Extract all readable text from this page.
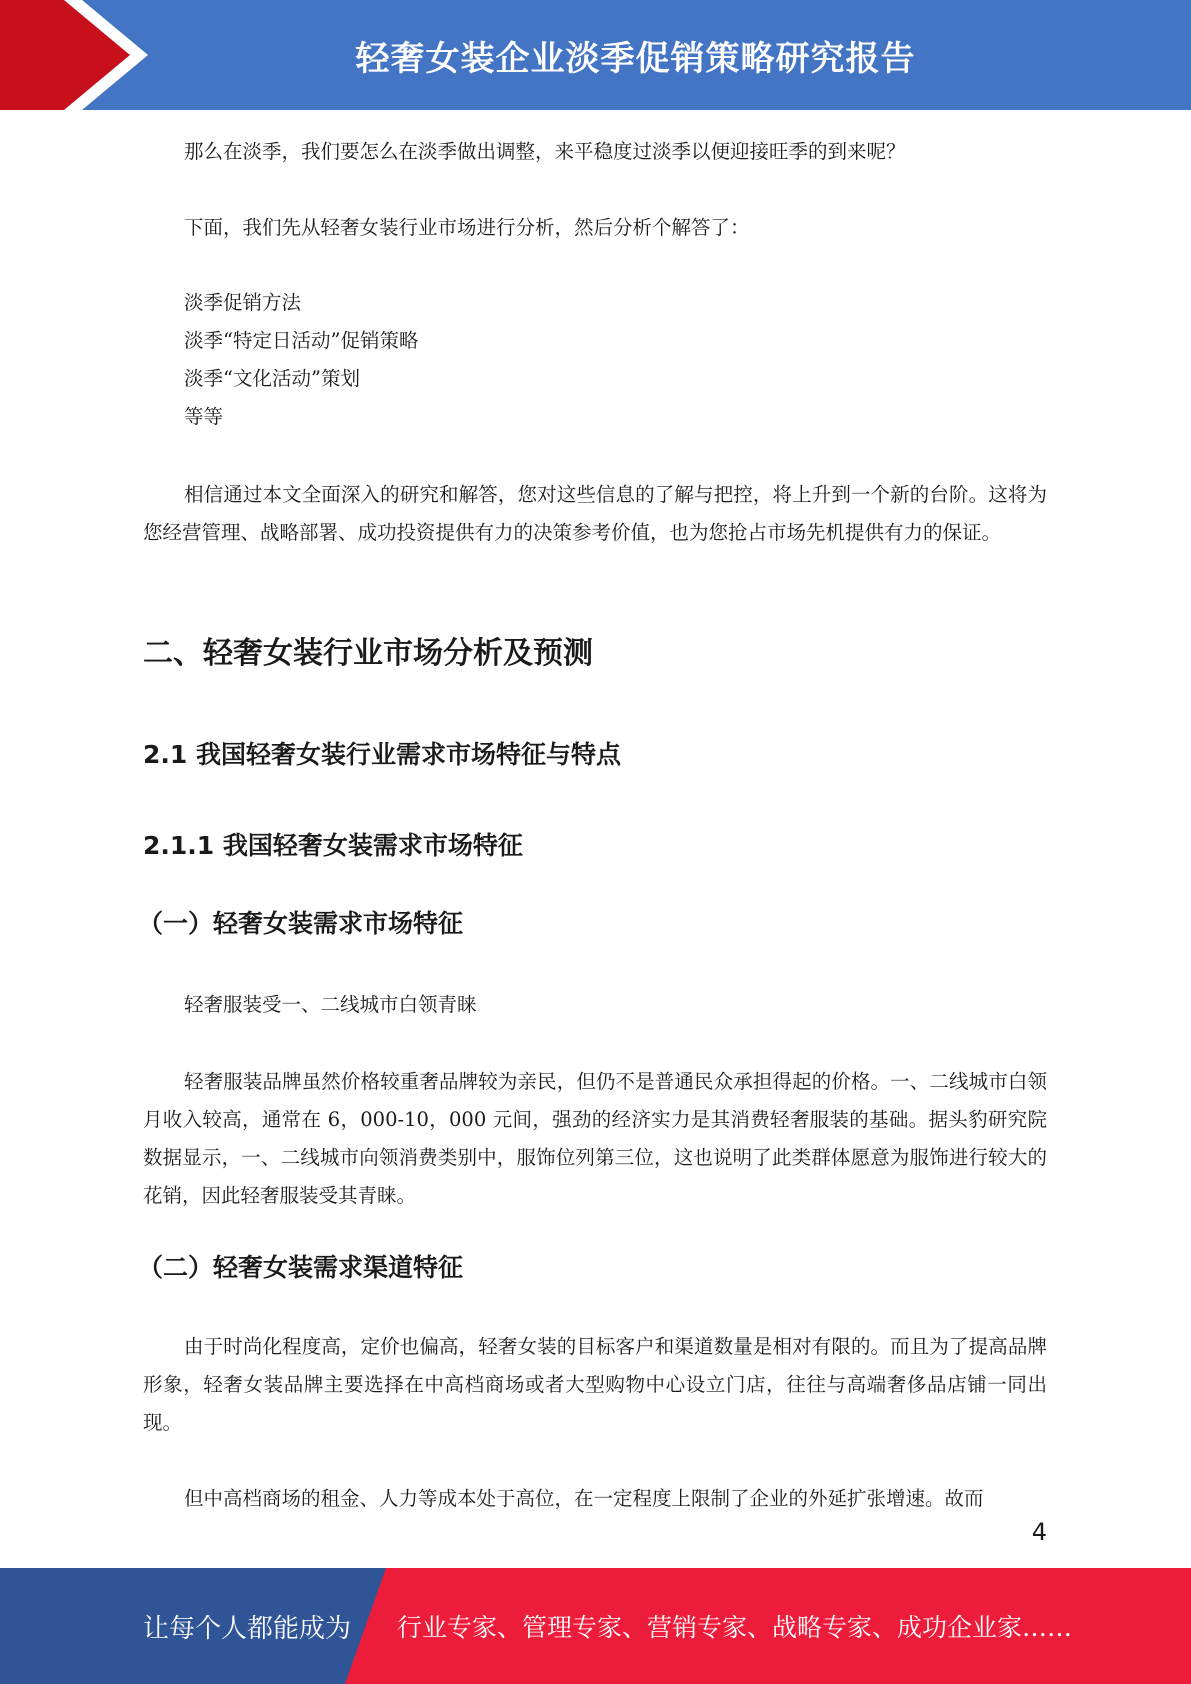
轻奢女装企业淡季促销策略研究报告

那么在淡季，我们要怎么在淡季做出调整，来平稳度过淡季以便迎接旺季的到来呢？

下面，我们先从轻奢女装行业市场进行分析，然后分析个解答了：

淡季促销方法
淡季“特定日活动”促销策略
淡季“文化活动”策划
等等

相信通过本文全面深入的研究和解答，您对这些信息的了解与把控，将上升到一个新的台阶。这将为您经营管理、战略部署、成功投资提供有力的决策参考价值，也为您抢占市场先机提供有力的保证。

二、轻奢女装行业市场分析及预测
2.1 我国轻奢女装行业需求市场特征与特点
2.1.1 我国轻奢女装需求市场特征
（一）轻奢女装需求市场特征

轻奢服装受一、二线城市白领青睐

轻奢服装品牌虽然价格较重奢品牌较为亲民，但仍不是普通民众承担得起的价格。一、二线城市白领月收入较高，通常在 6，000-10，000 元间，强劲的经济实力是其消费轻奢服装的基础。据头豹研究院数据显示，一、二线城市向领消费类别中，服饰位列第三位，这也说明了此类群体愿意为服饰进行较大的花销，因此轻奢服装受其青睐。

（二）轻奢女装需求渠道特征

由于时尚化程度高，定价也偏高，轻奢女装的目标客户和渠道数量是相对有限的。而且为了提高品牌形象，轻奢女装品牌主要选择在中高档商场或者大型购物中心设立门店，往往与高端奢侈品店铺一同出现。

但中高档商场的租金、人力等成本处于高位，在一定程度上限制了企业的外延扩张增速。故而

4
让每个人都能成为 行业专家、管理专家、营销专家、战略专家、成功企业家……
